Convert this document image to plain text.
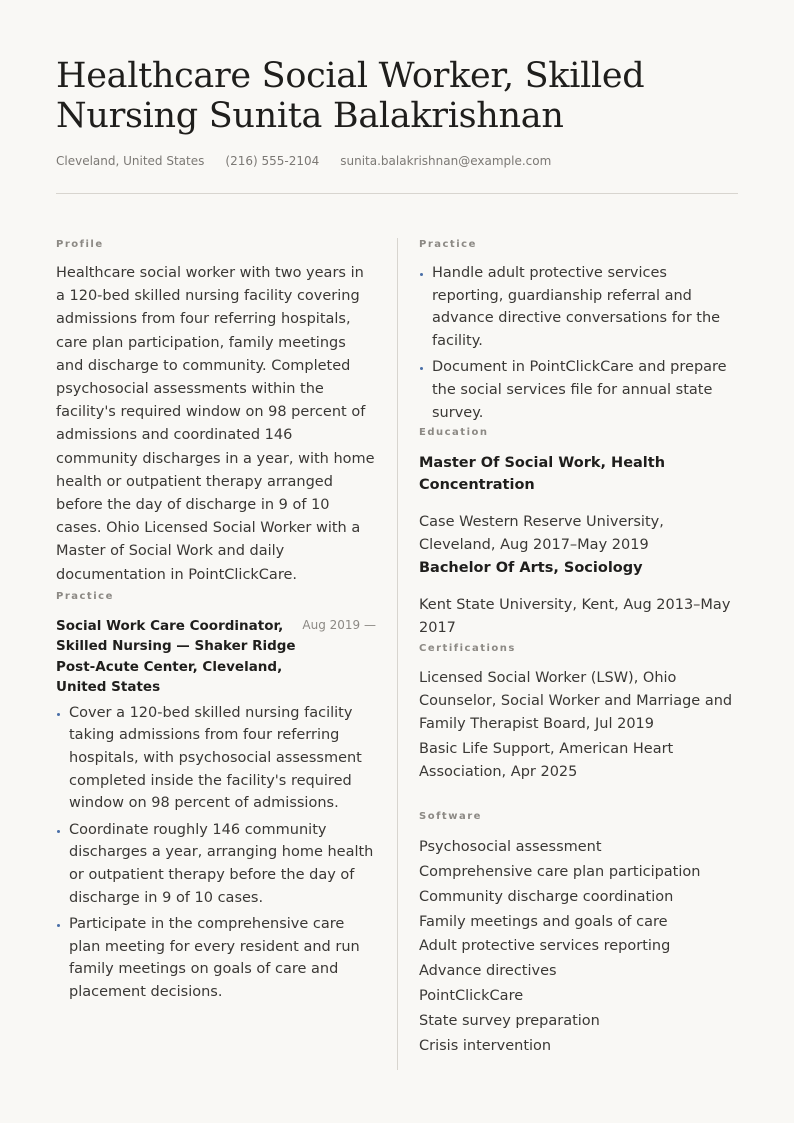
Healthcare Social Worker, Skilled Nursing Sunita Balakrishnan
Cleveland, United States (216) 555-2104 sunita.balakrishnan@example.com

Profile

Healthcare social worker with two years in a 120-bed skilled nursing facility covering admissions from four referring hospitals, care plan participation, family meetings and discharge to community. Completed psychosocial assessments within the facility's required window on 98 percent of admissions and coordinated 146 community discharges in a year, with home health or outpatient therapy arranged before the day of discharge in 9 of 10 cases. Ohio Licensed Social Worker with a Master of Social Work and daily documentation in PointClickCare.

Practice

Social Work Care Coordinator, Skilled Nursing — Shaker Ridge Post-Acute Center, Cleveland, United States
Aug 2019 —
Cover a 120-bed skilled nursing facility taking admissions from four referring hospitals, with psychosocial assessment completed inside the facility's required window on 98 percent of admissions.
Coordinate roughly 146 community discharges a year, arranging home health or outpatient therapy before the day of discharge in 9 of 10 cases.
Participate in the comprehensive care plan meeting for every resident and run family meetings on goals of care and placement decisions.

Practice

Handle adult protective services reporting, guardianship referral and advance directive conversations for the facility.
Document in PointClickCare and prepare the social services file for annual state survey.

Education

Master Of Social Work, Health Concentration
Case Western Reserve University, Cleveland, Aug 2017–May 2019
Bachelor Of Arts, Sociology
Kent State University, Kent, Aug 2013–May 2017

Certifications

Licensed Social Worker (LSW), Ohio Counselor, Social Worker and Marriage and Family Therapist Board, Jul 2019
Basic Life Support, American Heart Association, Apr 2025

Software

Psychosocial assessment
Comprehensive care plan participation
Community discharge coordination
Family meetings and goals of care
Adult protective services reporting
Advance directives
PointClickCare
State survey preparation
Crisis intervention
